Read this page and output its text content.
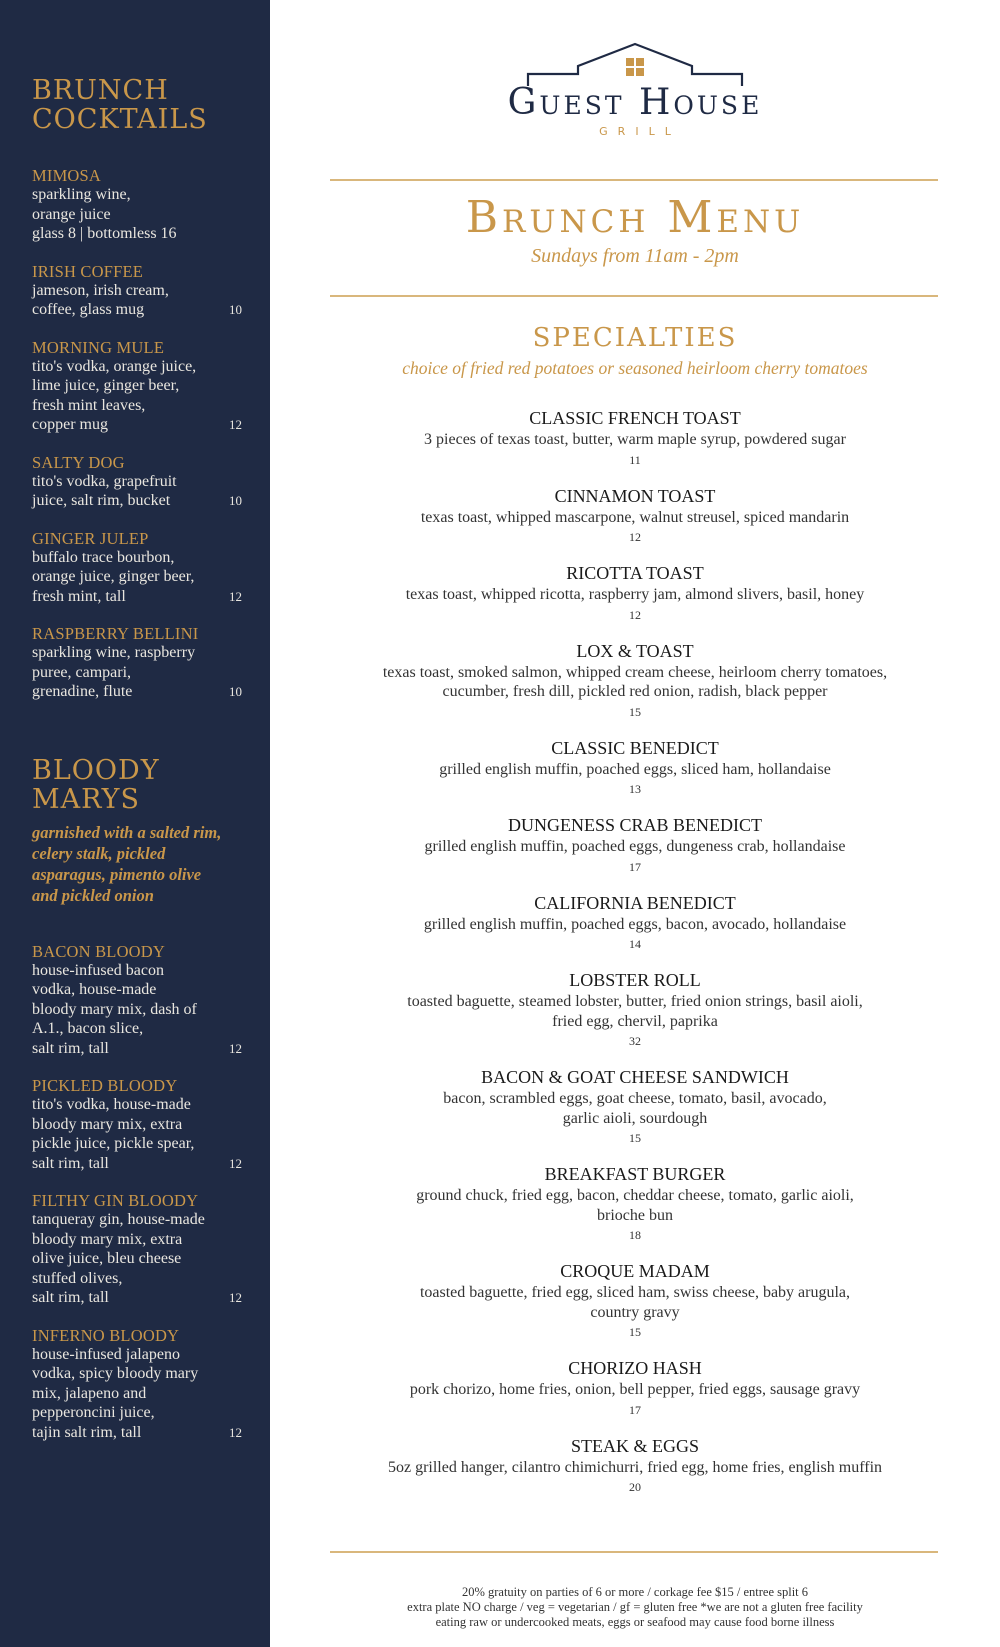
BRUNCH
COCKTAILS
MIMOSA
sparkling wine,
orange juice
glass 8 | bottomless 16
IRISH COFFEE
jameson, irish cream,
coffee, glass mug	10
MORNING MULE
tito's vodka, orange juice,
lime juice, ginger beer,
fresh mint leaves,
copper mug	12
SALTY DOG
tito's vodka, grapefruit
juice, salt rim, bucket	10
GINGER JULEP
buffalo trace bourbon,
orange juice, ginger beer,
fresh mint, tall	12
RASPBERRY BELLINI
sparkling wine, raspberry
puree, campari,
grenadine, flute	10
BLOODY
MARYS
garnished with a salted rim,
celery stalk, pickled
asparagus, pimento olive
and pickled onion
BACON BLOODY
house-infused bacon
vodka, house-made
bloody mary mix, dash of
A.1., bacon slice,
salt rim, tall	12
PICKLED BLOODY
tito's vodka, house-made
bloody mary mix, extra
pickle juice, pickle spear,
salt rim, tall	12
FILTHY GIN BLOODY
tanqueray gin, house-made
bloody mary mix, extra
olive juice, bleu cheese
stuffed olives,
salt rim, tall	12
INFERNO BLOODY
house-infused jalapeno
vodka, spicy bloody mary
mix, jalapeno and
pepperoncini juice,
tajin salt rim, tall	12
Guest House
GRILL
Brunch Menu
Sundays from 11am - 2pm
SPECIALTIES
choice of fried red potatoes or seasoned heirloom cherry tomatoes
CLASSIC FRENCH TOAST
3 pieces of texas toast, butter, warm maple syrup, powdered sugar
11
CINNAMON TOAST
texas toast, whipped mascarpone, walnut streusel, spiced mandarin
12
RICOTTA TOAST
texas toast, whipped ricotta, raspberry jam, almond slivers, basil, honey
12
LOX & TOAST
texas toast, smoked salmon, whipped cream cheese, heirloom cherry tomatoes,
cucumber, fresh dill, pickled red onion, radish, black pepper
15
CLASSIC BENEDICT
grilled english muffin, poached eggs, sliced ham, hollandaise
13
DUNGENESS CRAB BENEDICT
grilled english muffin, poached eggs, dungeness crab, hollandaise
17
CALIFORNIA BENEDICT
grilled english muffin, poached eggs, bacon, avocado, hollandaise
14
LOBSTER ROLL
toasted baguette, steamed lobster, butter, fried onion strings, basil aioli,
fried egg, chervil, paprika
32
BACON & GOAT CHEESE SANDWICH
bacon, scrambled eggs, goat cheese, tomato, basil, avocado,
garlic aioli, sourdough
15
BREAKFAST BURGER
ground chuck, fried egg, bacon, cheddar cheese, tomato, garlic aioli,
brioche bun
18
CROQUE MADAM
toasted baguette, fried egg, sliced ham, swiss cheese, baby arugula,
country gravy
15
CHORIZO HASH
pork chorizo, home fries, onion, bell pepper, fried eggs, sausage gravy
17
STEAK & EGGS
5oz grilled hanger, cilantro chimichurri, fried egg, home fries, english muffin
20
20% gratuity on parties of 6 or more / corkage fee $15 / entree split 6
extra plate NO charge / veg = vegetarian / gf = gluten free *we are not a gluten free facility
eating raw or undercooked meats, eggs or seafood may cause food borne illness
